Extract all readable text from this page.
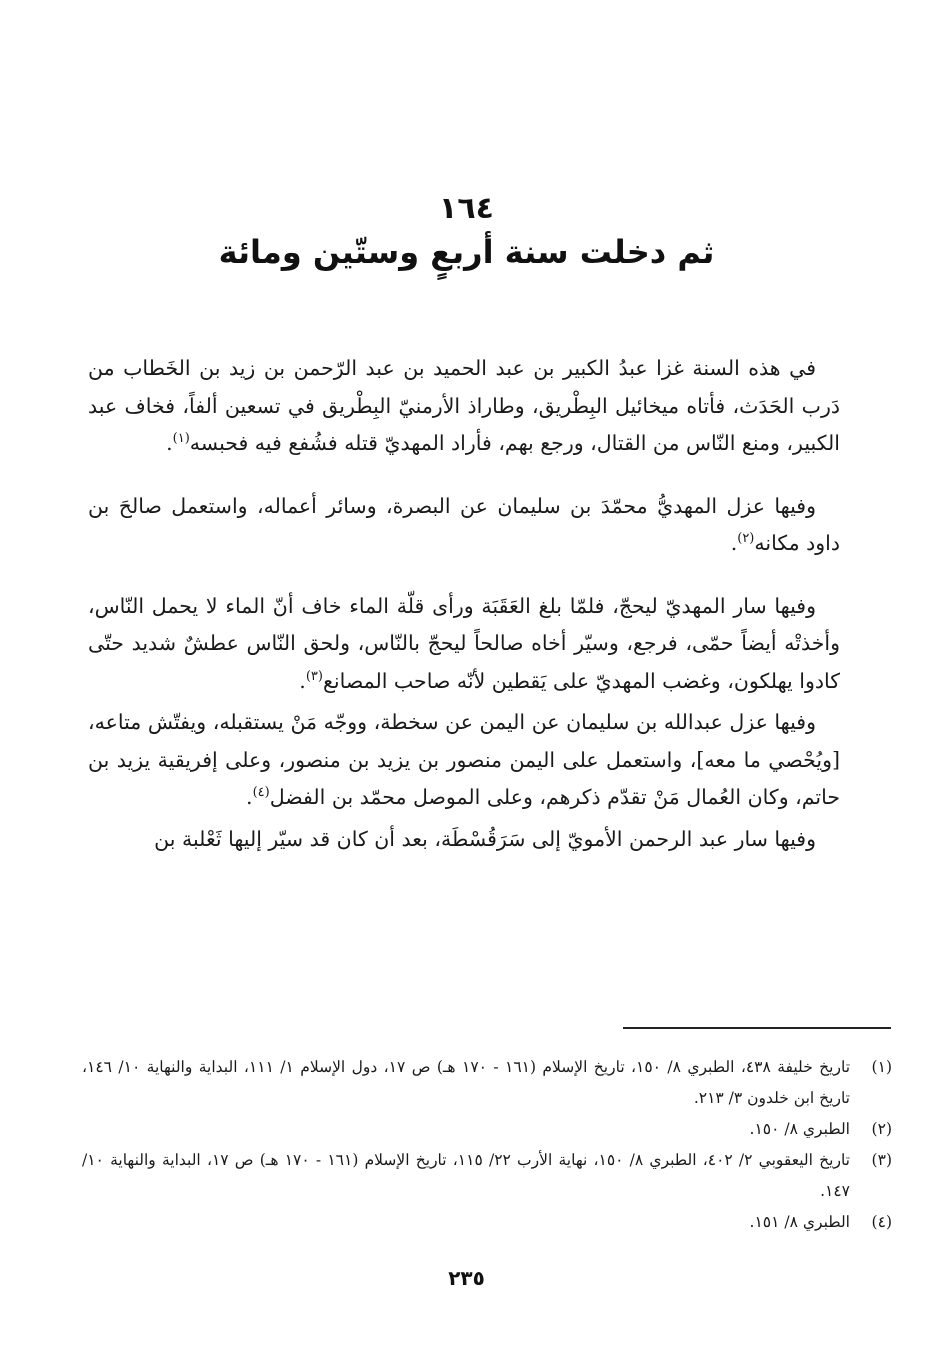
١٦٤
ثم دخلت سنة أربعٍ وستّين ومائة

في هذه السنة غزا عبدُ الكبير بن عبد الحميد بن عبد الرّحمن بن زيد بن الخَطاب من دَرب الحَدَث، فأتاه ميخائيل البِطْريق، وطاراذ الأرمنيّ البِطْريق في تسعين ألفاً، فخاف عبد الكبير، ومنع النّاس من القتال، ورجع بهم، فأراد المهديّ قتله فشُفع فيه فحبسه$^{(١)}$.

وفيها عزل المهديُّ محمّدَ بن سليمان عن البصرة، وسائر أعماله، واستعمل صالحَ بن داود مكانه$^{(٢)}$.

وفيها سار المهديّ ليحجّ، فلمّا بلغ العَقَبَة ورأى قلّة الماء خاف أنّ الماء لا يحمل النّاس، وأخذتْه أيضاً حمّى، فرجع، وسيّر أخاه صالحاً ليحجّ بالنّاس، ولحق النّاس عطشٌ شديد حتّى كادوا يهلكون، وغضب المهديّ على يَقطين لأنّه صاحب المصانع$^{(٣)}$.

وفيها عزل عبدالله بن سليمان عن اليمن عن سخطة، ووجّه مَنْ يستقبله، ويفتّش متاعه، [ويُحْصي ما معه]، واستعمل على اليمن منصور بن يزيد بن منصور، وعلى إفريقية يزيد بن حاتم، وكان العُمال مَنْ تقدّم ذكرهم، وعلى الموصل محمّد بن الفضل$^{(٤)}$.

وفيها سار عبد الرحمن الأمويّ إلى سَرَقُسْطَة، بعد أن كان قد سيّر إليها ثَعْلبة بن

(١)
تاريخ خليفة ٤٣٨، الطبري ٨/ ١٥٠، تاريخ الإسلام (١٦١ - ١٧٠ هـ) ص ١٧، دول الإسلام ١/ ١١١، البداية والنهاية ١٠/ ١٤٦، تاريخ ابن خلدون ٣/ ٢١٣.
(٢)
الطبري ٨/ ١٥٠.
(٣)
تاريخ اليعقوبي ٢/ ٤٠٢، الطبري ٨/ ١٥٠، نهاية الأرب ٢٢/ ١١٥، تاريخ الإسلام (١٦١ - ١٧٠ هـ) ص ١٧، البداية والنهاية ١٠/ ١٤٧.
(٤)
الطبري ٨/ ١٥١.
٢٣٥
